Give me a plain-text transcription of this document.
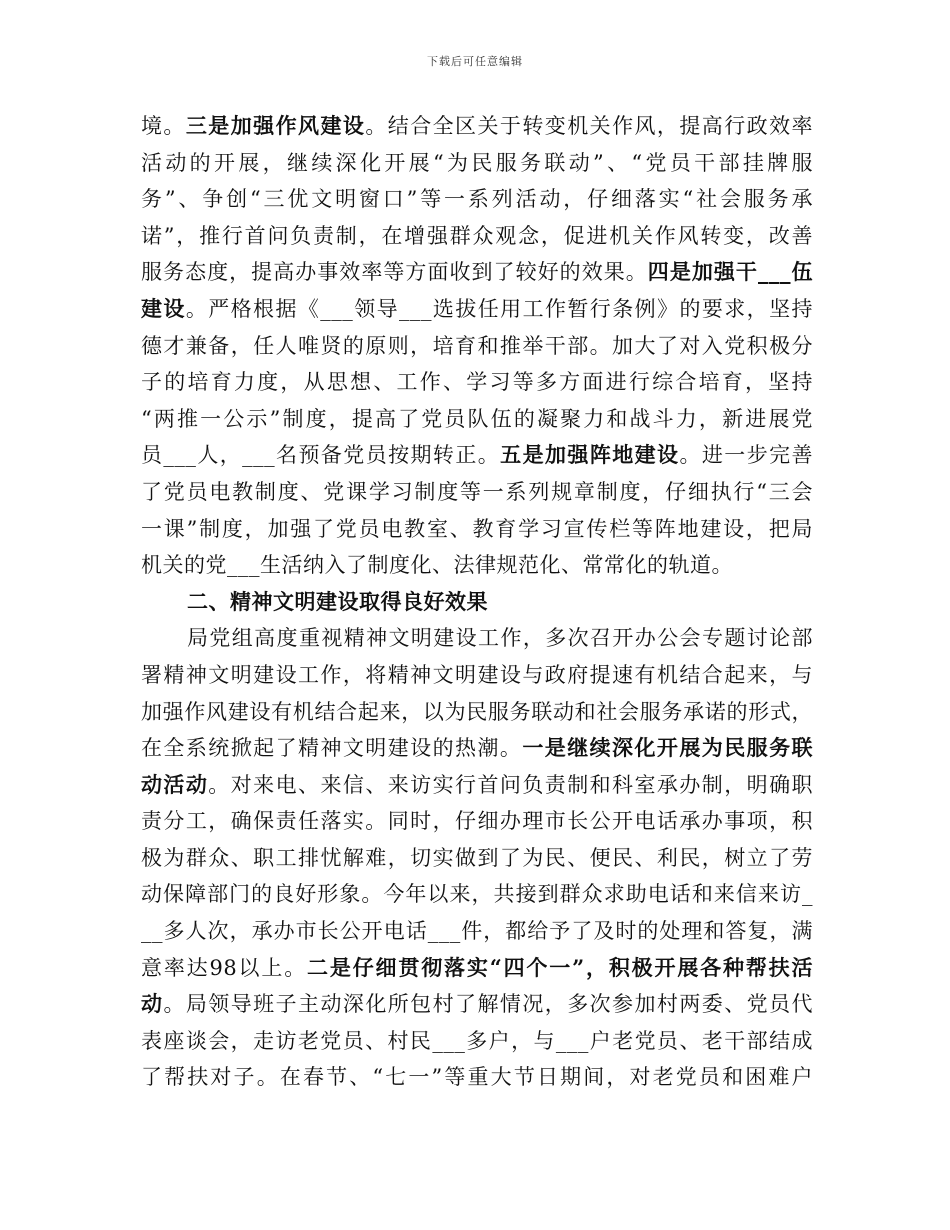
下载后可任意编辑
境。三是加强作风建设。结合全区关于转变机关作风，提高行政效率
活动的开展，继续深化开展“为民服务联动”、“党员干部挂牌服
务”、争创“三优文明窗口”等一系列活动，仔细落实“社会服务承
诺”，推行首问负责制，在增强群众观念，促进机关作风转变，改善
服务态度，提高办事效率等方面收到了较好的效果。四是加强干___伍
建设。严格根据《___领导___选拔任用工作暂行条例》的要求，坚持
德才兼备，任人唯贤的原则，培育和推举干部。加大了对入党积极分
子的培育力度，从思想、工作、学习等多方面进行综合培育，坚持
“两推一公示”制度，提高了党员队伍的凝聚力和战斗力，新进展党
员___人，___名预备党员按期转正。五是加强阵地建设。进一步完善
了党员电教制度、党课学习制度等一系列规章制度，仔细执行“三会
一课”制度，加强了党员电教室、教育学习宣传栏等阵地建设，把局
机关的党___生活纳入了制度化、法律规范化、常常化的轨道。
二、精神文明建设取得良好效果
局党组高度重视精神文明建设工作，多次召开办公会专题讨论部
署精神文明建设工作，将精神文明建设与政府提速有机结合起来，与
加强作风建设有机结合起来，以为民服务联动和社会服务承诺的形式，
在全系统掀起了精神文明建设的热潮。一是继续深化开展为民服务联
动活动。对来电、来信、来访实行首问负责制和科室承办制，明确职
责分工，确保责任落实。同时，仔细办理市长公开电话承办事项，积
极为群众、职工排忧解难，切实做到了为民、便民、利民，树立了劳
动保障部门的良好形象。今年以来，共接到群众求助电话和来信来访_
__多人次，承办市长公开电话___件，都给予了及时的处理和答复，满
意率达98以上。二是仔细贯彻落实“四个一”，积极开展各种帮扶活
动。局领导班子主动深化所包村了解情况，多次参加村两委、党员代
表座谈会，走访老党员、村民___多户，与___户老党员、老干部结成
了帮扶对子。在春节、“七一”等重大节日期间，对老党员和困难户
